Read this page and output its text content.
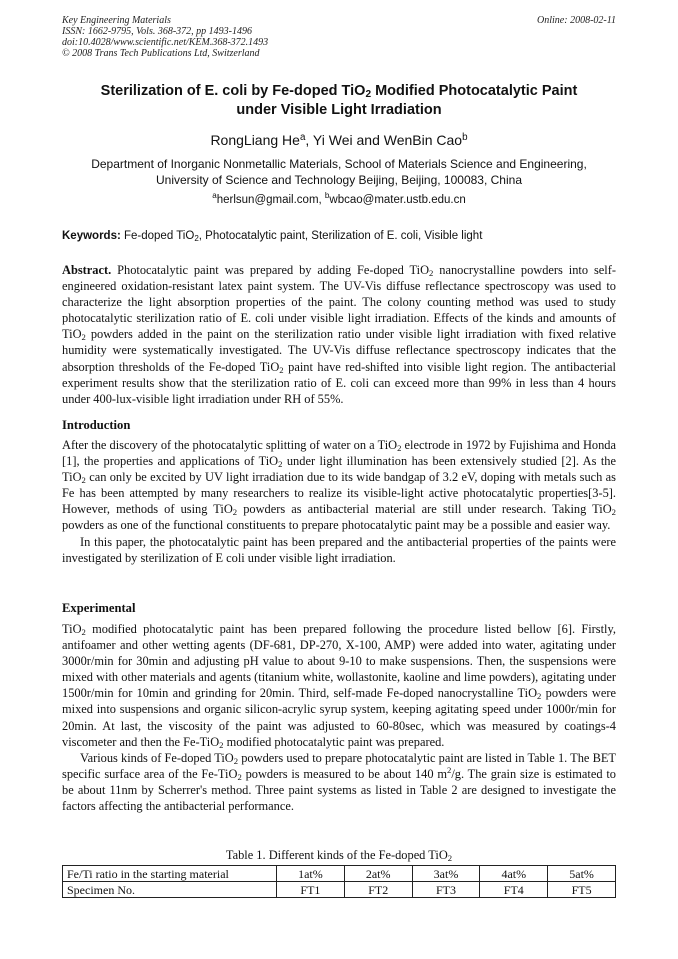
Key Engineering Materials
ISSN: 1662-9795, Vols. 368-372, pp 1493-1496
doi:10.4028/www.scientific.net/KEM.368-372.1493
© 2008 Trans Tech Publications Ltd, Switzerland
Online: 2008-02-11
Sterilization of E. coli by Fe-doped TiO$_2$ Modified Photocatalytic Paint
under Visible Light Irradiation
RongLiang He$^a$, Yi Wei and WenBin Cao$^b$
Department of Inorganic Nonmetallic Materials, School of Materials Science and Engineering,
University of Science and Technology Beijing, Beijing, 100083, China
$^a$herlsun@gmail.com, $^b$wbcao@mater.ustb.edu.cn
Keywords: Fe-doped TiO$_2$, Photocatalytic paint, Sterilization of E. coli, Visible light
Abstract. Photocatalytic paint was prepared by adding Fe-doped TiO$_2$ nanocrystalline powders into self-engineered oxidation-resistant latex paint system. The UV-Vis diffuse reflectance spectroscopy was used to characterize the light absorption properties of the paint. The colony counting method was used to study photocatalytic sterilization ratio of E. coli under visible light irradiation. Effects of the kinds and amounts of TiO$_2$ powders added in the paint on the sterilization ratio under visible light irradiation with fixed relative humidity were systematically investigated. The UV-Vis diffuse reflectance spectroscopy indicates that the absorption thresholds of the Fe-doped TiO$_2$ paint have red-shifted into visible light region. The antibacterial experiment results show that the sterilization ratio of E. coli can exceed more than 99% in less than 4 hours under 400-lux-visible light irradiation under RH of 55%.
Introduction

After the discovery of the photocatalytic splitting of water on a TiO$_2$ electrode in 1972 by Fujishima and Honda [1], the properties and applications of TiO$_2$ under light illumination has been extensively studied [2]. As the TiO$_2$ can only be excited by UV light irradiation due to its wide bandgap of 3.2 eV, doping with metals such as Fe has been attempted by many researchers to realize its visible-light active photocatalytic properties[3-5]. However, methods of using TiO$_2$ powders as antibacterial material are still under research. Taking TiO$_2$ powders as one of the functional constituents to prepare photocatalytic paint may be a possible and easier way.

In this paper, the photocatalytic paint has been prepared and the antibacterial properties of the paints were investigated by sterilization of E coli under visible light irradiation.

Experimental

TiO$_2$ modified photocatalytic paint has been prepared following the procedure listed bellow [6]. Firstly, antifoamer and other wetting agents (DF-681, DP-270, X-100, AMP) were added into water, agitating under 3000r/min for 30min and adjusting pH value to about 9-10 to make suspensions. Then, the suspensions were mixed with other materials and agents (titanium white, wollastonite, kaoline and lime powders), agitating under 1500r/min for 10min and grinding for 20min. Third, self-made Fe-doped nanocrystalline TiO$_2$ powders were mixed into suspensions and organic silicon-acrylic syrup system, keeping agitating speed under 1000r/min for 20min. At last, the viscosity of the paint was adjusted to 60-80sec, which was measured by coatings-4 viscometer and then the Fe-TiO$_2$ modified photocatalytic paint was prepared.

Various kinds of Fe-doped TiO$_2$ powders used to prepare photocatalytic paint are listed in Table 1. The BET specific surface area of the Fe-TiO$_2$ powders is measured to be about 140 $m^2/g$. The grain size is estimated to be about 11nm by Scherrer's method. Three paint systems as listed in Table 2 are designed to investigate the factors affecting the antibacterial performance.

Table 1. Different kinds of the Fe-doped TiO$_2$
Fe/Ti ratio in the starting material	1at%	2at%	3at%	4at%	5at%
Specimen No.	FT1	FT2	FT3	FT4	FT5
